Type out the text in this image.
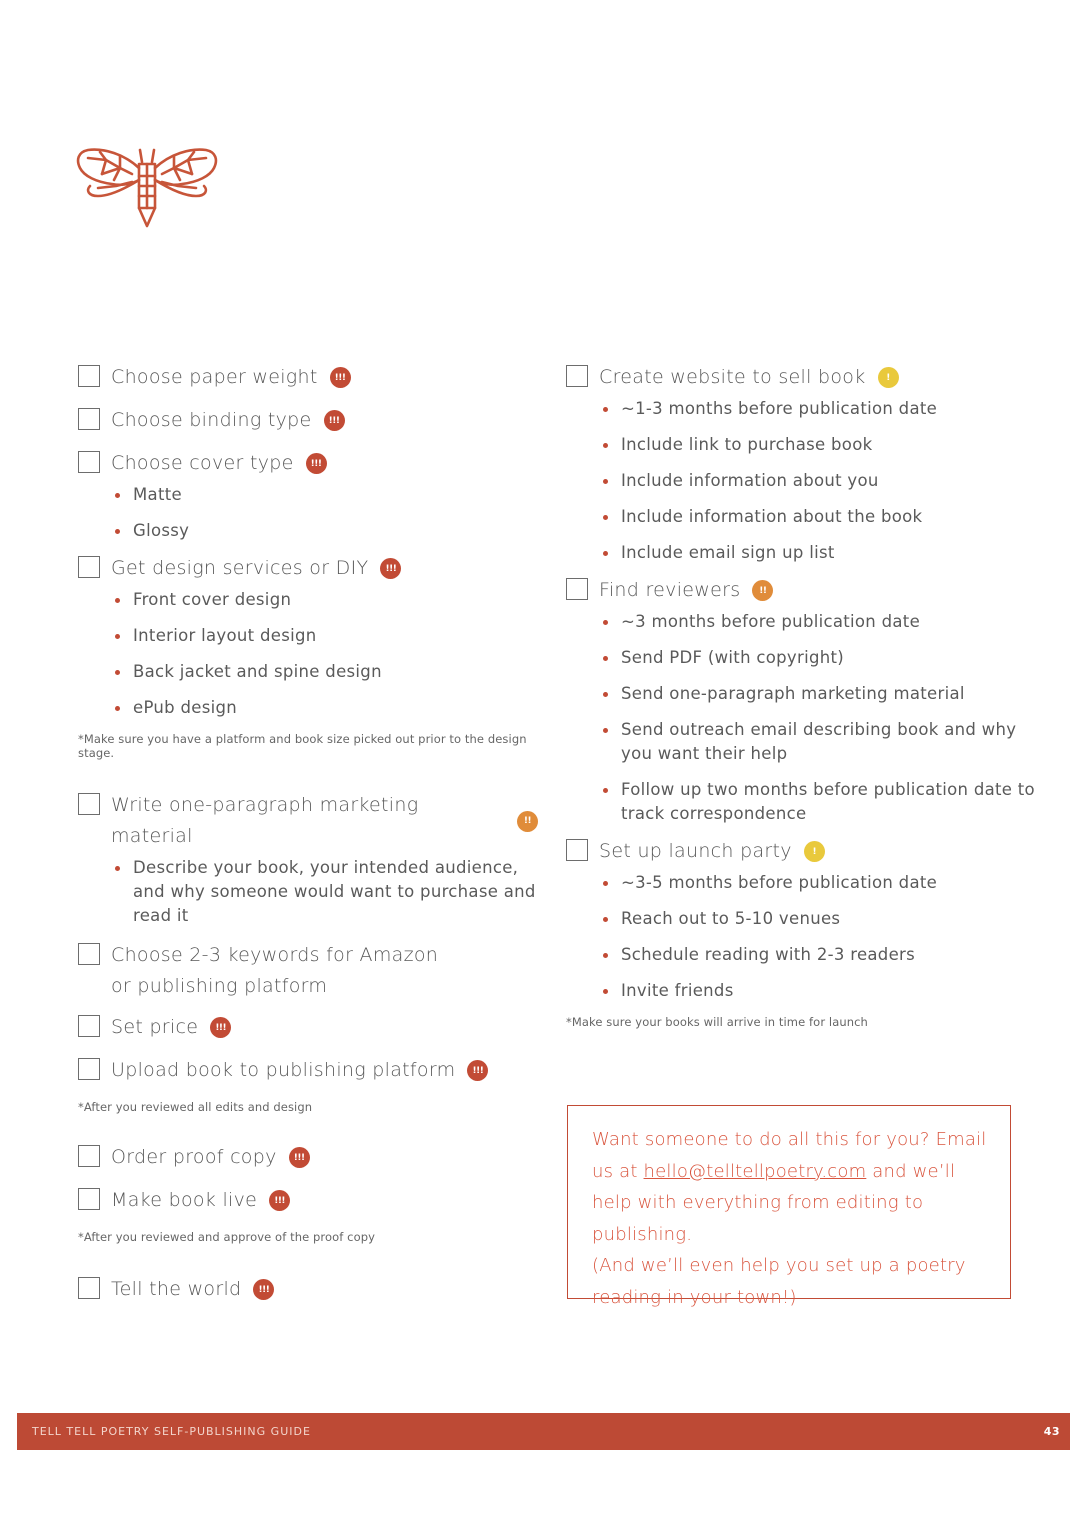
Choose paper weight	!!!
Choose binding type	!!!
Choose cover type	!!!
Matte
Glossy
Get design services or DIY	!!!
Front cover design
Interior layout design
Back jacket and spine design
ePub design
*Make sure you have a platform and book size picked out prior to the design stage.
Write one-paragraph marketing material
!!
Describe your book, your intended audience, and why someone would want to purchase and read it
Choose 2-3 keywords for Amazon or publishing platform
Set price	!!!
Upload book to publishing platform	!!!
*After you reviewed all edits and design
Order proof copy	!!!
Make book live	!!!
*After you reviewed and approve of the proof copy
Tell the world	!!!
Create website to sell book	!
~1-3 months before publication date
Include link to purchase book
Include information about you
Include information about the book
Include email sign up list
Find reviewers	!!
~3 months before publication date
Send PDF (with copyright)
Send one-paragraph marketing material
Send outreach email describing book and why you want their help
Follow up two months before publication date to track correspondence
Set up launch party	!
~3-5 months before publication date
Reach out to 5-10 venues
Schedule reading with 2-3 readers
Invite friends
*Make sure your books will arrive in time for launch

Want someone to do all this for you? Email us at hello@telltellpoetry.com and we’ll help with everything from editing to publishing.

(And we’ll even help you set up a poetry reading in your town!)

TELL TELL POETRY SELF-PUBLISHING GUIDE	43
